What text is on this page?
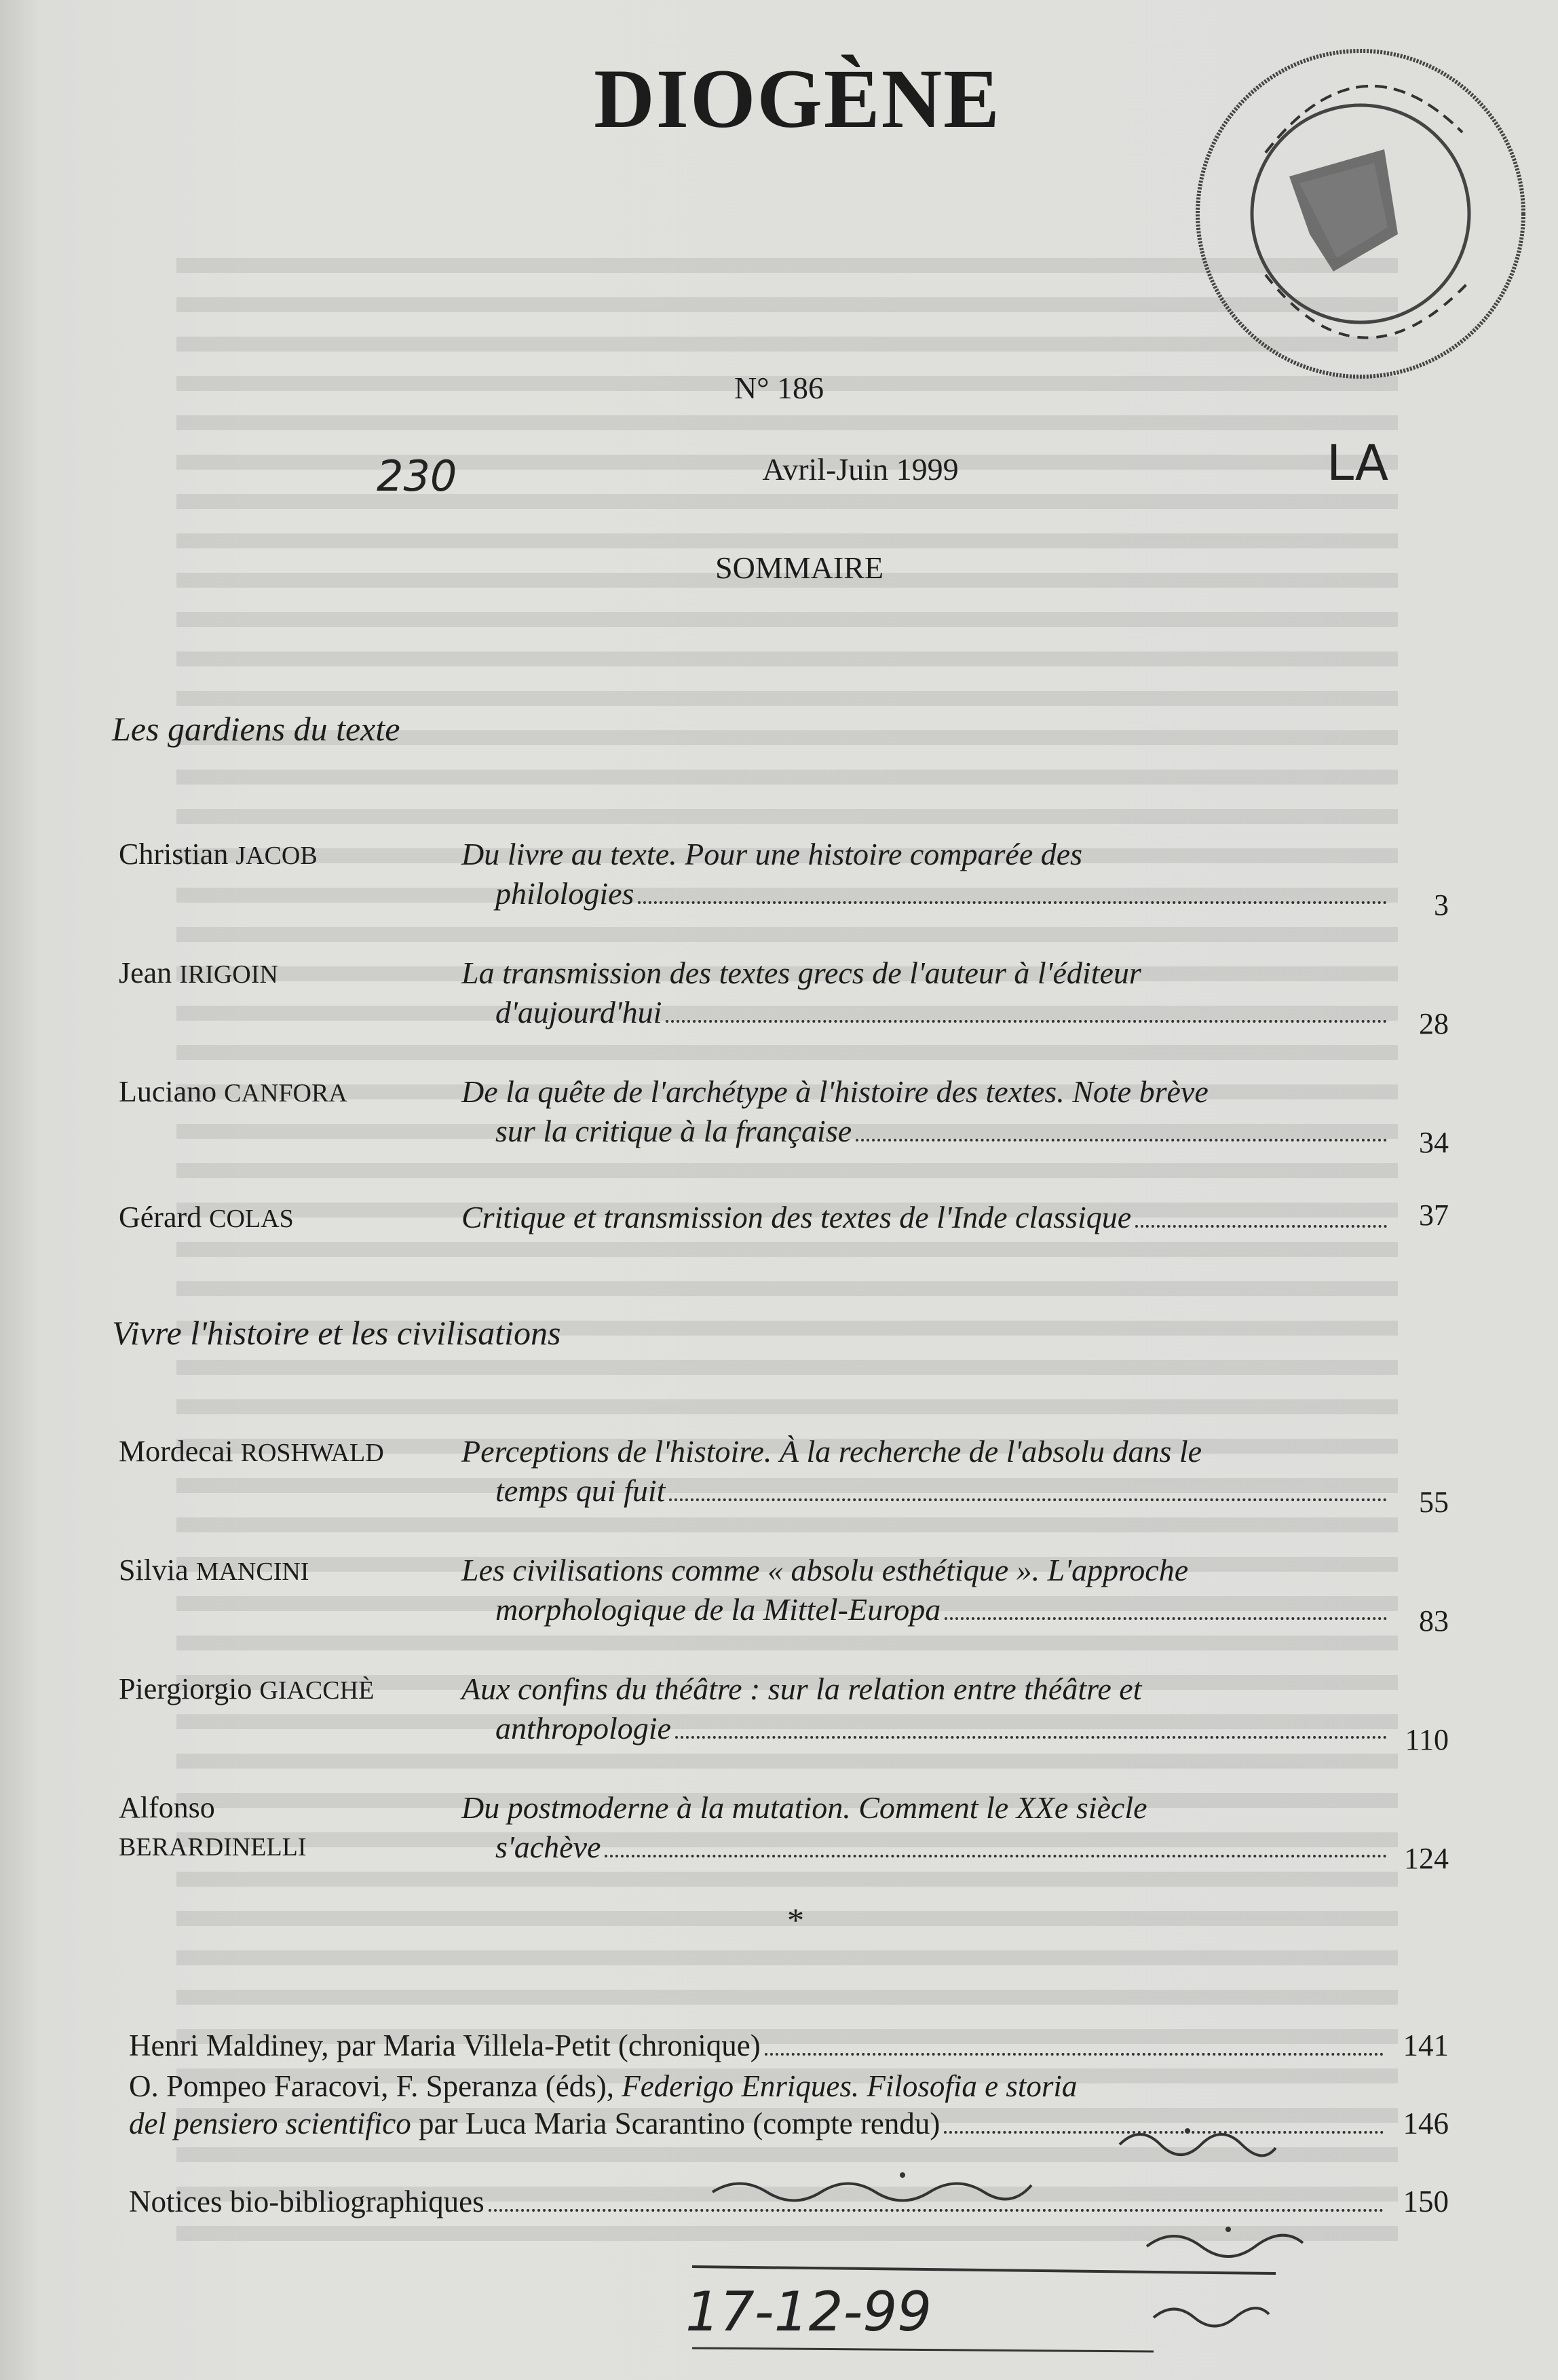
DIOGÈNE
N° 186
Avril-Juin 1999
230	LA
SOMMAIRE
Les gardiens du texte
Christian JACOB	Du livre au texte. Pour une histoire comparée des
philologies	3
Jean IRIGOIN	La transmission des textes grecs de l'auteur à l'éditeur
d'aujourd'hui	28
Luciano CANFORA	De la quête de l'archétype à l'histoire des textes. Note brève
sur la critique à la française	34
Gérard COLAS	Critique et transmission des textes de l'Inde classique	37
Vivre l'histoire et les civilisations
Mordecai ROSHWALD	Perceptions de l'histoire. À la recherche de l'absolu dans le
temps qui fuit	55
Silvia MANCINI	Les civilisations comme « absolu esthétique ». L'approche
morphologique de la Mittel-Europa	83
Piergiorgio GIACCHÈ	Aux confins du théâtre : sur la relation entre théâtre et
anthropologie	110
Alfonso
BERARDINELLI
Du postmoderne à la mutation. Comment le XXe siècle
s'achève	124
*
Henri Maldiney, par Maria Villela-Petit (chronique)	141
O. Pompeo Faracovi, F. Speranza (éds), Federigo Enriques. Filosofia e storia
del pensiero scientifico par Luca Maria Scarantino (compte rendu)	146
Notices bio-bibliographiques	150
17-12-99
